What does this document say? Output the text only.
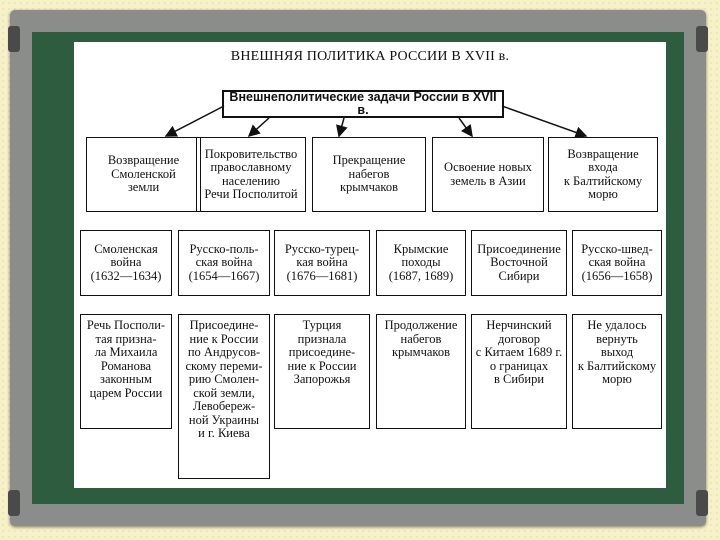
ВНЕШНЯЯ ПОЛИТИКА РОССИИ В XVII в.
Внешнеполитические задачи России в XVII в.
Возвращение
Смоленской
земли
Покровительство
православному
населению
Речи Посполитой
Прекращение
набегов
крымчаков
Освоение новых
земель в Азии
Возвращение
входа
к Балтийскому
морю
Смоленская
война
(1632—1634)
Русско-поль-
ская война
(1654—1667)
Русско-турец-
кая война
(1676—1681)
Крымские
походы
(1687, 1689)
Присоединение
Восточной
Сибири
Русско-швед-
ская война
(1656—1658)
Речь Посполи-
тая призна-
ла Михаила
Романова
законным
царем России
Присоедине-
ние к России
по Андрусов-
скому переми-
рию Смолен-
ской земли,
Левобереж-
ной Украины
и г. Киева
Турция
признала
присоедине-
ние к России
Запорожья
Продолжение
набегов
крымчаков
Нерчинский
договор
с Китаем 1689 г.
о границах
в Сибири
Не удалось
вернуть
выход
к Балтийскому
морю
